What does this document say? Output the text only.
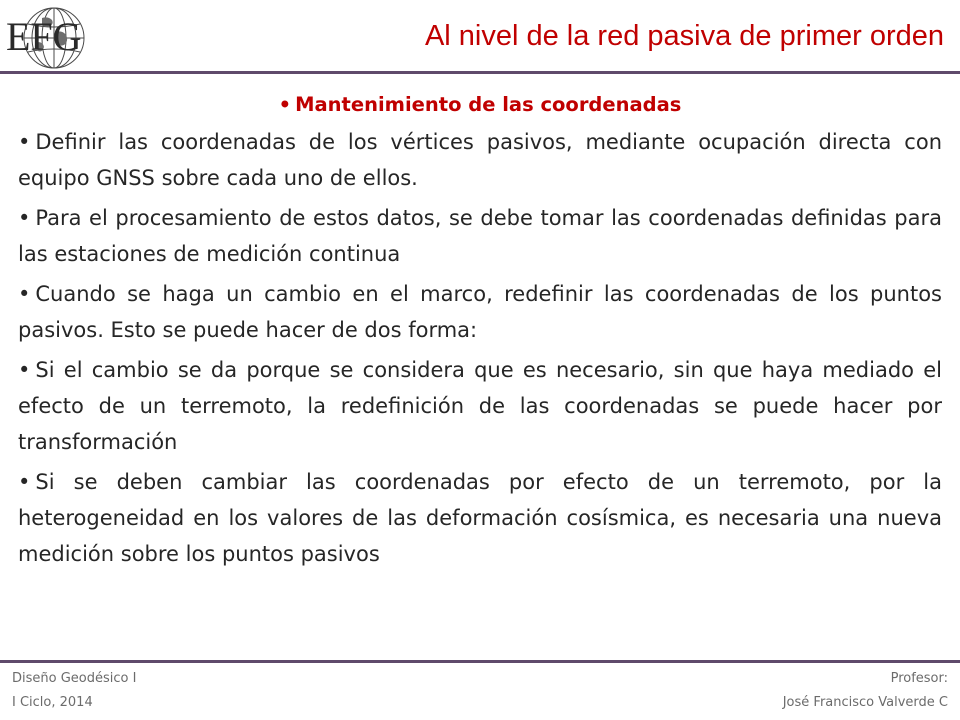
EFG	Al nivel de la red pasiva de primer orden
• Mantenimiento de las coordenadas
• Definir las coordenadas de los vértices pasivos, mediante ocupación directa con equipo GNSS sobre cada uno de ellos.
• Para el procesamiento de estos datos, se debe tomar las coordenadas definidas para las estaciones de medición continua
• Cuando se haga un cambio en el marco, redefinir las coordenadas de los puntos pasivos. Esto se puede hacer de dos forma:
• Si el cambio se da porque se considera que es necesario, sin que haya mediado el efecto de un terremoto, la redefinición de las coordenadas se puede hacer por transformación
• Si se deben cambiar las coordenadas por efecto de un terremoto, por la heterogeneidad en los valores de las deformación cosísmica, es necesaria una nueva medición sobre los puntos pasivos
Diseño Geodésico I
I Ciclo, 2014
Profesor:
José Francisco Valverde C
